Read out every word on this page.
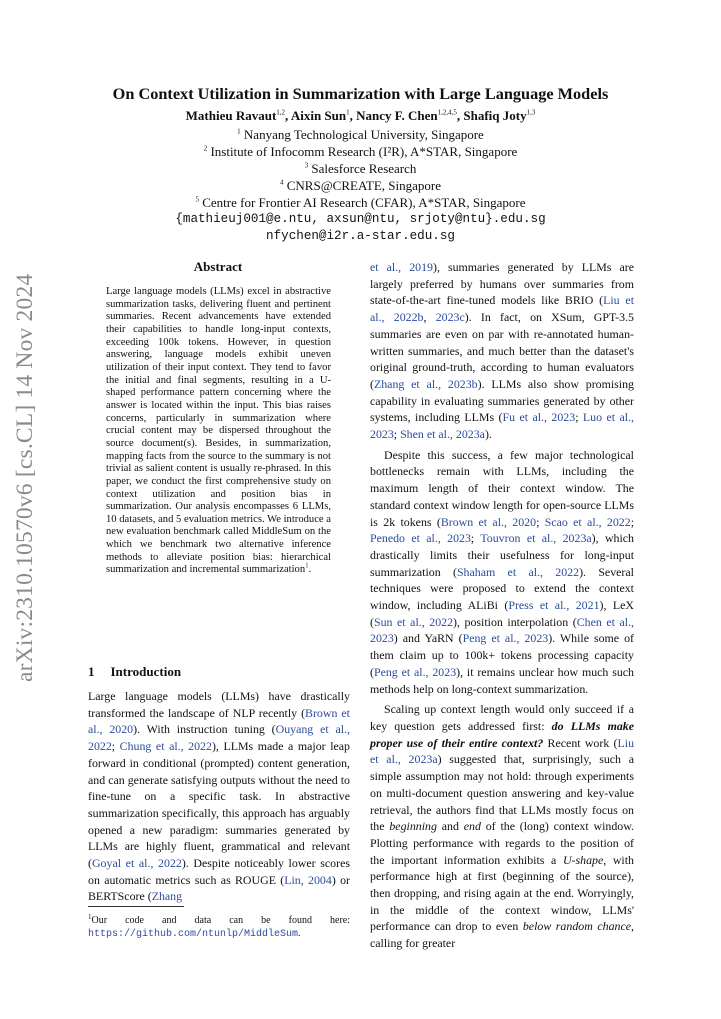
arXiv:2310.10570v6 [cs.CL] 14 Nov 2024
On Context Utilization in Summarization with Large Language Models
Mathieu Ravaut$^{1,2}$, Aixin Sun$^1$, Nancy F. Chen$^{1,2,4,5}$, Shafiq Joty$^{1,3}$
$^1$ Nanyang Technological University, Singapore
$^2$ Institute of Infocomm Research (I²R), A*STAR, Singapore
$^3$ Salesforce Research
$^4$ CNRS@CREATE, Singapore
$^5$ Centre for Frontier AI Research (CFAR), A*STAR, Singapore
{mathieuj001@e.ntu, axsun@ntu, srjoty@ntu}.edu.sg
nfychen@i2r.a-star.edu.sg
Abstract
Large language models (LLMs) excel in abstractive summarization tasks, delivering fluent and pertinent summaries. Recent advancements have extended their capabilities to handle long-input contexts, exceeding 100k tokens. However, in question answering, language models exhibit uneven utilization of their input context. They tend to favor the initial and final segments, resulting in a U-shaped performance pattern concerning where the answer is located within the input. This bias raises concerns, particularly in summarization where crucial content may be dispersed throughout the source document(s). Besides, in summarization, mapping facts from the source to the summary is not trivial as salient content is usually re-phrased. In this paper, we conduct the first comprehensive study on context utilization and position bias in summarization. Our analysis encompasses 6 LLMs, 10 datasets, and 5 evaluation metrics. We introduce a new evaluation benchmark called MiddleSum on the which we benchmark two alternative inference methods to alleviate position bias: hierarchical summarization and incremental summarization$^1$.
1 Introduction
Large language models (LLMs) have drastically transformed the landscape of NLP recently (Brown et al., 2020). With instruction tuning (Ouyang et al., 2022; Chung et al., 2022), LLMs made a major leap forward in conditional (prompted) content generation, and can generate satisfying outputs without the need to fine-tune on a specific task. In abstractive summarization specifically, this approach has arguably opened a new paradigm: summaries generated by LLMs are highly fluent, grammatical and relevant (Goyal et al., 2022). Despite noticeably lower scores on automatic metrics such as ROUGE (Lin, 2004) or BERTScore (Zhang
$^1$Our code and data can be found here: https://github.com/ntunlp/MiddleSum.

et al., 2019), summaries generated by LLMs are largely preferred by humans over summaries from state-of-the-art fine-tuned models like BRIO (Liu et al., 2022b, 2023c). In fact, on XSum, GPT-3.5 summaries are even on par with re-annotated human-written summaries, and much better than the dataset's original ground-truth, according to human evaluators (Zhang et al., 2023b). LLMs also show promising capability in evaluating summaries generated by other systems, including LLMs (Fu et al., 2023; Luo et al., 2023; Shen et al., 2023a).

Despite this success, a few major technological bottlenecks remain with LLMs, including the maximum length of their context window. The standard context window length for open-source LLMs is 2k tokens (Brown et al., 2020; Scao et al., 2022; Penedo et al., 2023; Touvron et al., 2023a), which drastically limits their usefulness for long-input summarization (Shaham et al., 2022). Several techniques were proposed to extend the context window, including ALiBi (Press et al., 2021), LeX (Sun et al., 2022), position interpolation (Chen et al., 2023) and YaRN (Peng et al., 2023). While some of them claim up to 100k+ tokens processing capacity (Peng et al., 2023), it remains unclear how much such methods help on long-context summarization.

Scaling up context length would only succeed if a key question gets addressed first: do LLMs make proper use of their entire context? Recent work (Liu et al., 2023a) suggested that, surprisingly, such a simple assumption may not hold: through experiments on multi-document question answering and key-value retrieval, the authors find that LLMs mostly focus on the beginning and end of the (long) context window. Plotting performance with regards to the position of the important information exhibits a U-shape, with performance high at first (beginning of the source), then dropping, and rising again at the end. Worryingly, in the middle of the context window, LLMs' performance can drop to even below random chance, calling for greater
